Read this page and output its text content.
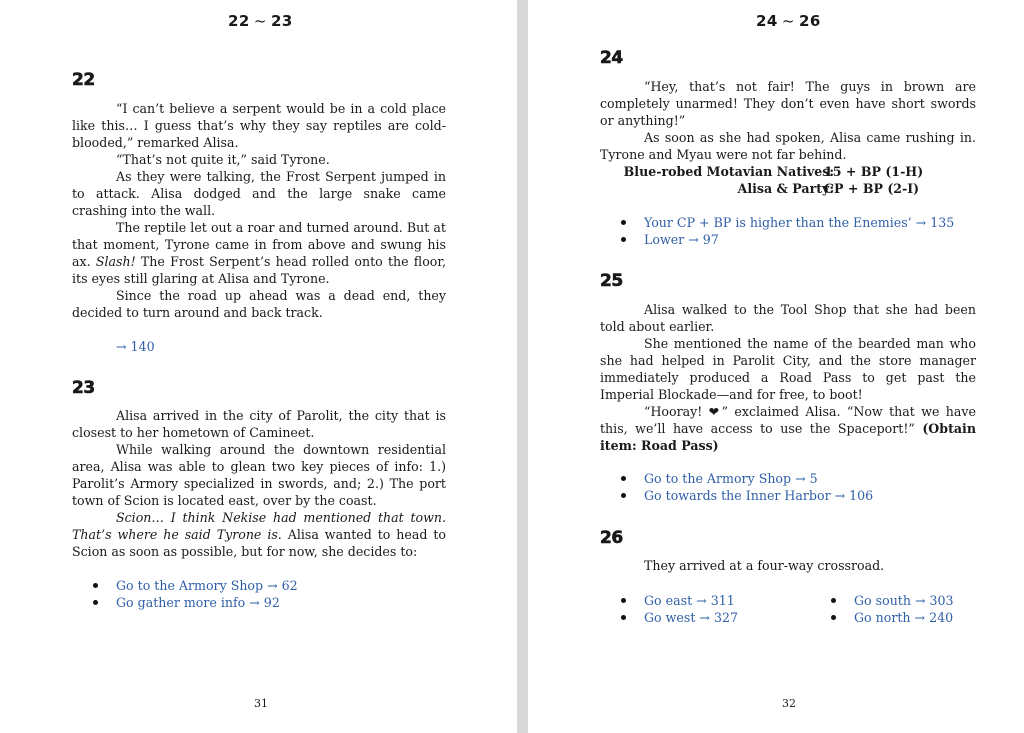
22 ~ 23
22

“I can’t believe a serpent would be in a cold place like this… I guess that’s why they say reptiles are cold-blooded,” remarked Alisa.

“That’s not quite it,” said Tyrone.

As they were talking, the Frost Serpent jumped in to attack. Alisa dodged and the large snake came crashing into the wall.

The reptile let out a roar and turned around. But at that moment, Tyrone came in from above and swung his ax. Slash! The Frost Serpent’s head rolled onto the floor, its eyes still glaring at Alisa and Tyrone.

Since the road up ahead was a dead end, they decided to turn around and back track.

→ 140
23

Alisa arrived in the city of Parolit, the city that is closest to her hometown of Camineet.

While walking around the downtown residential area, Alisa was able to glean two key pieces of info: 1.) Parolit’s Armory specialized in swords, and; 2.) The port town of Scion is located east, over by the coast.

Scion… I think Nekise had mentioned that town. That’s where he said Tyrone is. Alisa wanted to head to Scion as soon as possible, but for now, she decides to:

Go to the Armory Shop → 62
Go gather more info → 92
31
24 ~ 26
24

“Hey, that’s not fair! The guys in brown are completely unarmed! They don’t even have short swords or anything!”

As soon as she had spoken, Alisa came rushing in. Tyrone and Myau were not far behind.

Blue-robed Motavian Natives:
15 + BP (1-H)
Alisa & Party:
CP + BP (2-I)
Your CP + BP is higher than the Enemies’ → 135
Lower → 97
25

Alisa walked to the Tool Shop that she had been told about earlier.

She mentioned the name of the bearded man who she had helped in Parolit City, and the store manager immediately produced a Road Pass to get past the Imperial Blockade—and for free, to boot!

“Hooray! ❤” exclaimed Alisa. “Now that we have this, we’ll have access to use the Spaceport!” (Obtain item: Road Pass)

Go to the Armory Shop → 5
Go towards the Inner Harbor → 106
26

They arrived at a four-way crossroad.

Go east → 311
Go west → 327
Go south → 303
Go north → 240
32
